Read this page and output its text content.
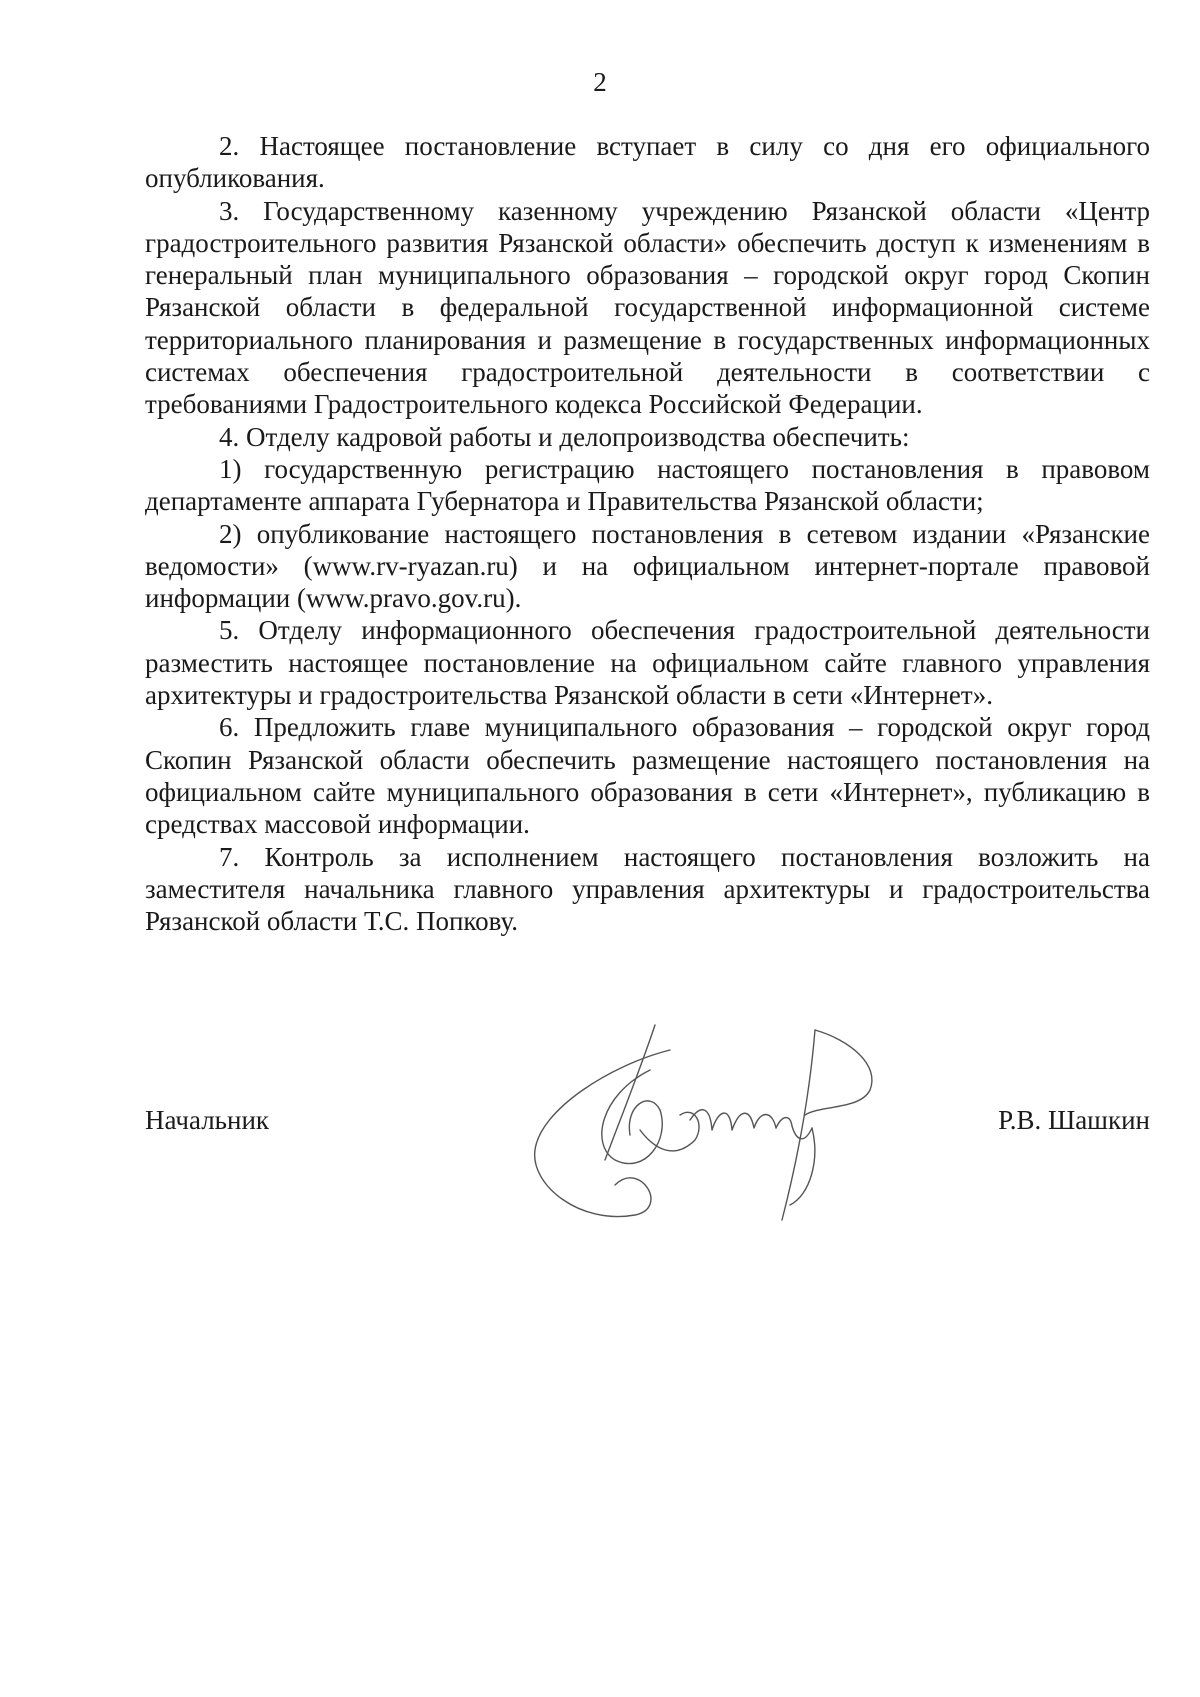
2

2. Настоящее постановление вступает в силу со дня его официального опубликования.

3. Государственному казенному учреждению Рязанской области «Центр градостроительного развития Рязанской области» обеспечить доступ к изменениям в генеральный план муниципального образования – городской округ город Скопин Рязанской области в федеральной государственной информационной системе территориального планирования и размещение в государственных информационных системах обеспечения градостроительной деятельности в соответствии с требованиями Градостроительного кодекса Российской Федерации.

4. Отделу кадровой работы и делопроизводства обеспечить:

1) государственную регистрацию настоящего постановления в правовом департаменте аппарата Губернатора и Правительства Рязанской области;

2) опубликование настоящего постановления в сетевом издании «Рязанские ведомости» (www.rv-ryazan.ru) и на официальном интернет-портале правовой информации (www.pravo.gov.ru).

5. Отделу информационного обеспечения градостроительной деятельности разместить настоящее постановление на официальном сайте главного управления архитектуры и градостроительства Рязанской области в сети «Интернет».

6. Предложить главе муниципального образования – городской округ город Скопин Рязанской области обеспечить размещение настоящего постановления на официальном сайте муниципального образования в сети «Интернет», публикацию в средствах массовой информации.

7. Контроль за исполнением настоящего постановления возложить на заместителя начальника главного управления архитектуры и градостроительства Рязанской области Т.С. Попкову.

Начальник	Р.В. Шашкин
